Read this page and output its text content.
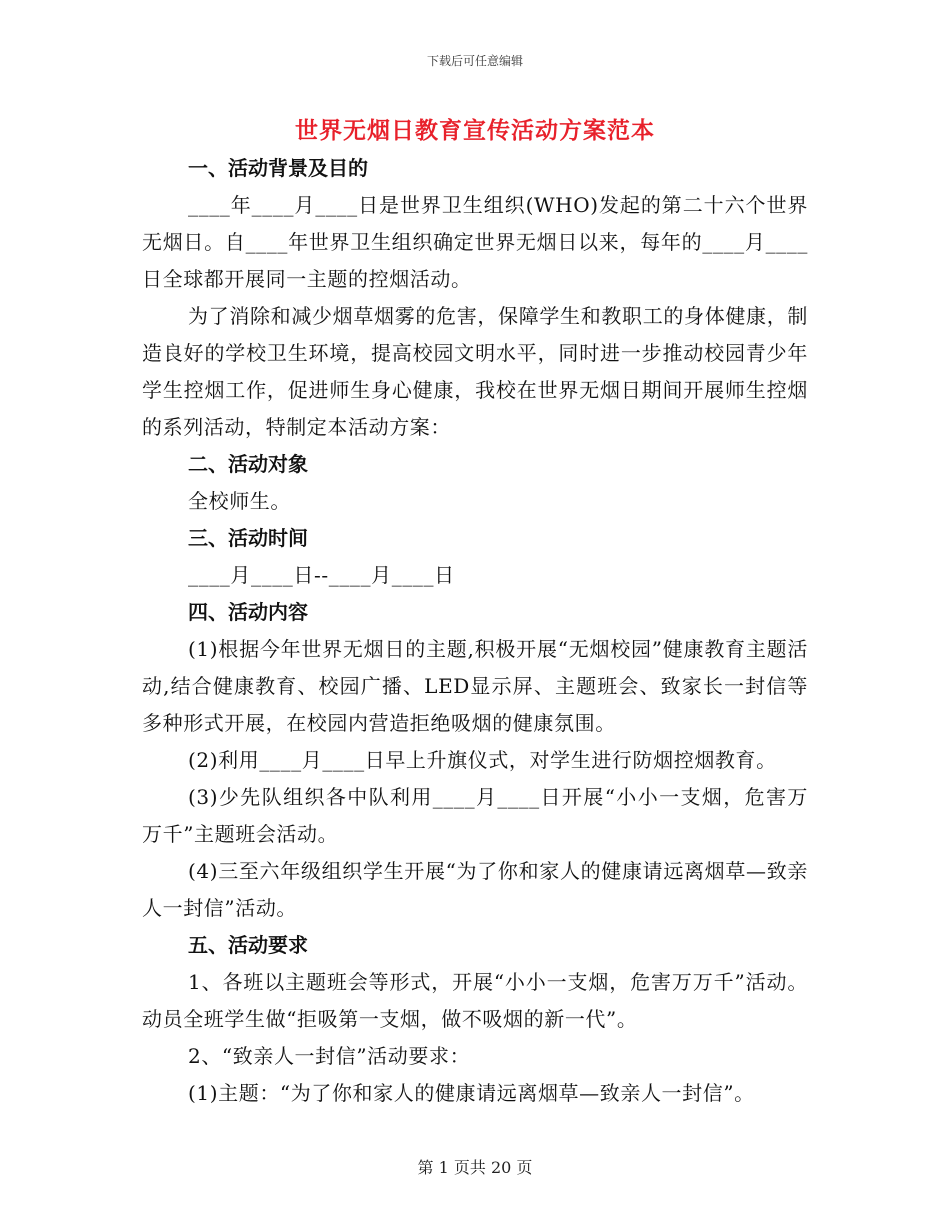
下载后可任意编辑
世界无烟日教育宣传活动方案范本
一、活动背景及目的

____年____月____日是世界卫生组织(WHO)发起的第二十六个世界无烟日。自____年世界卫生组织确定世界无烟日以来，每年的____月____日全球都开展同一主题的控烟活动。

为了消除和减少烟草烟雾的危害，保障学生和教职工的身体健康，制造良好的学校卫生环境，提高校园文明水平，同时进一步推动校园青少年学生控烟工作，促进师生身心健康，我校在世界无烟日期间开展师生控烟的系列活动，特制定本活动方案：

二、活动对象

全校师生。

三、活动时间

____月____日--____月____日

四、活动内容

(1)根据今年世界无烟日的主题,积极开展“无烟校园”健康教育主题活动,结合健康教育、校园广播、LED显示屏、主题班会、致家长一封信等多种形式开展，在校园内营造拒绝吸烟的健康氛围。

(2)利用____月____日早上升旗仪式，对学生进行防烟控烟教育。

(3)少先队组织各中队利用____月____日开展“小小一支烟，危害万万千”主题班会活动。

(4)三至六年级组织学生开展“为了你和家人的健康请远离烟草—致亲人一封信”活动。

五、活动要求

1、各班以主题班会等形式，开展“小小一支烟，危害万万千”活动。动员全班学生做“拒吸第一支烟，做不吸烟的新一代”。

2、“致亲人一封信”活动要求：

(1)主题：“为了你和家人的健康请远离烟草—致亲人一封信”。

第 1 页共 20 页
